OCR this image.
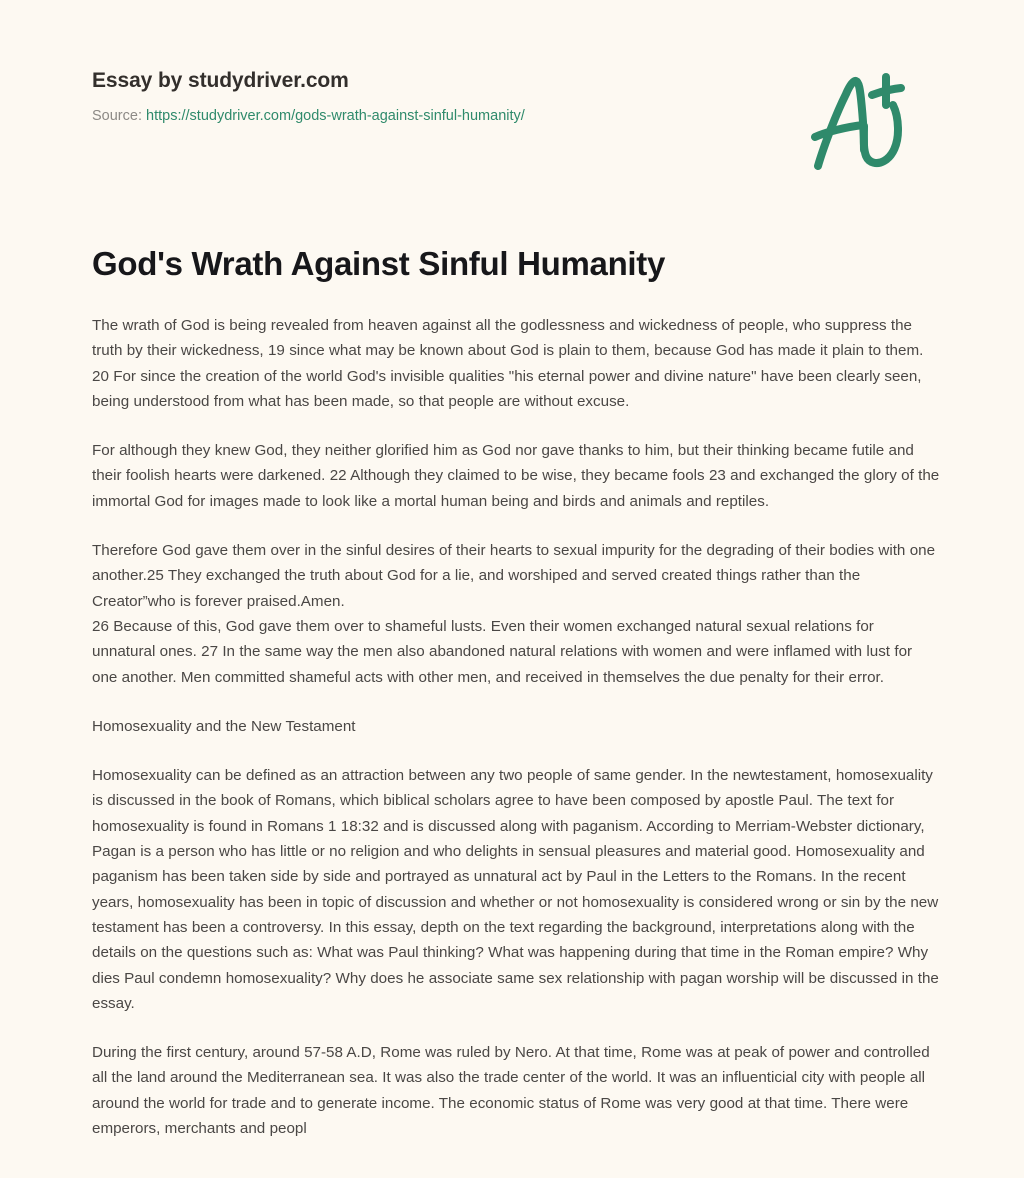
Essay by studydriver.com

Source: https://studydriver.com/gods-wrath-against-sinful-humanity/

God's Wrath Against Sinful Humanity

The wrath of God is being revealed from heaven against all the godlessness and wickedness of people, who suppress the truth by their wickedness, 19 since what may be known about God is plain to them, because God has made it plain to them. 20 For since the creation of the world God's invisible qualities "his eternal power and divine nature" have been clearly seen, being understood from what has been made, so that people are without excuse.

For although they knew God, they neither glorified him as God nor gave thanks to him, but their thinking became futile and their foolish hearts were darkened. 22 Although they claimed to be wise, they became fools 23 and exchanged the glory of the immortal God for images made to look like a mortal human being and birds and animals and reptiles.

Therefore God gave them over in the sinful desires of their hearts to sexual impurity for the degrading of their bodies with one another.25 They exchanged the truth about God for a lie, and worshiped and served created things rather than the Creator”who is forever praised.Amen.

26 Because of this, God gave them over to shameful lusts. Even their women exchanged natural sexual relations for unnatural ones. 27 In the same way the men also abandoned natural relations with women and were inflamed with lust for one another. Men committed shameful acts with other men, and received in themselves the due penalty for their error.

Homosexuality and the New Testament

Homosexuality can be defined as an attraction between any two people of same gender. In the newtestament, homosexuality is discussed in the book of Romans, which biblical scholars agree to have been composed by apostle Paul. The text for homosexuality is found in Romans 1 18:32 and is discussed along with paganism. According to Merriam-Webster dictionary, Pagan is a person who has little or no religion and who delights in sensual pleasures and material good. Homosexuality and paganism has been taken side by side and portrayed as unnatural act by Paul in the Letters to the Romans. In the recent years, homosexuality has been in topic of discussion and whether or not homosexuality is considered wrong or sin by the new testament has been a controversy. In this essay, depth on the text regarding the background, interpretations along with the details on the questions such as: What was Paul thinking? What was happening during that time in the Roman empire? Why dies Paul condemn homosexuality? Why does he associate same sex relationship with pagan worship will be discussed in the essay.

During the first century, around 57-58 A.D, Rome was ruled by Nero. At that time, Rome was at peak of power and controlled all the land around the Mediterranean sea. It was also the trade center of the world. It was an influenticial city with people all around the world for trade and to generate income. The economic status of Rome was very good at that time. There were emperors, merchants and peopl
